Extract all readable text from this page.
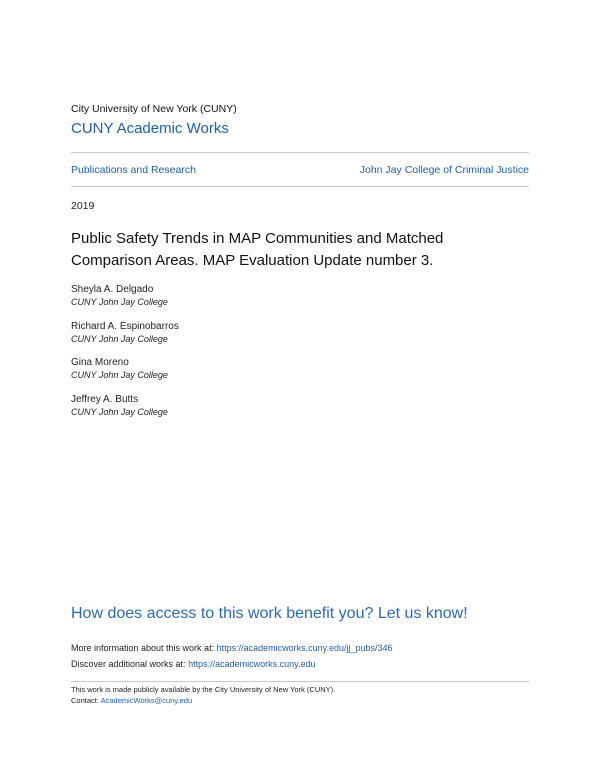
City University of New York (CUNY)
CUNY Academic Works
Publications and Research	John Jay College of Criminal Justice
2019
Public Safety Trends in MAP Communities and Matched Comparison Areas. MAP Evaluation Update number 3.
Sheyla A. Delgado
CUNY John Jay College
Richard A. Espinobarros
CUNY John Jay College
Gina Moreno
CUNY John Jay College
Jeffrey A. Butts
CUNY John Jay College
How does access to this work benefit you? Let us know!
More information about this work at: https://academicworks.cuny.edu/jj_pubs/346
Discover additional works at: https://academicworks.cuny.edu
This work is made publicly available by the City University of New York (CUNY).
Contact: AcademicWorks@cuny.edu
